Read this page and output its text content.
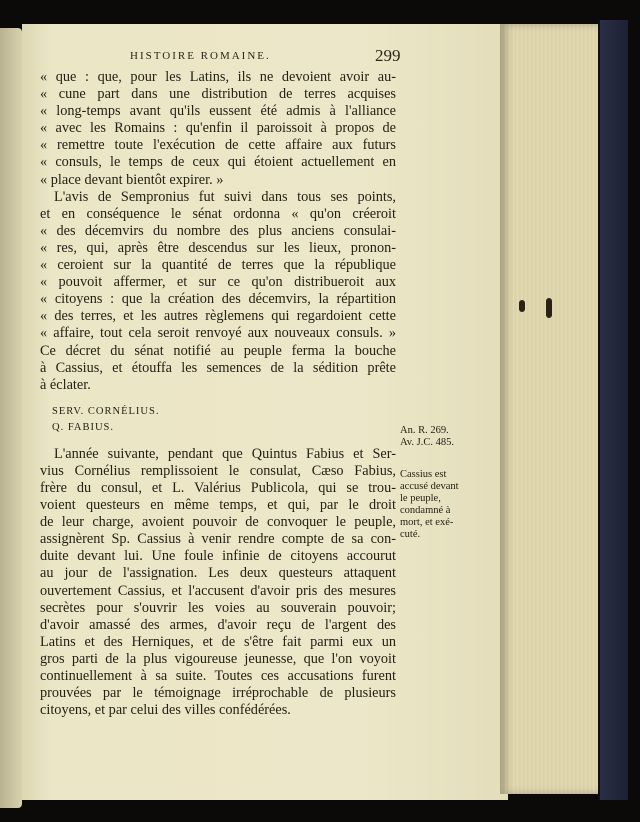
HISTOIRE ROMAINE.	299
« que : que, pour les Latins, ils ne devoient avoir au-
« cune part dans une distribution de terres acquises
« long-temps avant qu'ils eussent été admis à l'alliance
« avec les Romains : qu'enfin il paroissoit à propos de
« remettre toute l'exécution de cette affaire aux futurs
« consuls, le temps de ceux qui étoient actuellement en
« place devant bientôt expirer. »
L'avis de Sempronius fut suivi dans tous ses points,
et en conséquence le sénat ordonna « qu'on créeroit
« des décemvirs du nombre des plus anciens consulai-
« res, qui, après être descendus sur les lieux, pronon-
« ceroient sur la quantité de terres que la république
« pouvoit affermer, et sur ce qu'on distribueroit aux
« citoyens : que la création des décemvirs, la répartition
« des terres, et les autres règlemens qui regardoient cette
« affaire, tout cela seroit renvoyé aux nouveaux consuls. »
Ce décret du sénat notifié au peuple ferma la bouche
à Cassius, et étouffa les semences de la sédition prête
à éclater.
SERV. CORNÉLIUS.
Q. FABIUS.
L'année suivante, pendant que Quintus Fabius et Ser-
vius Cornélius remplissoient le consulat, Cæso Fabius,
frère du consul, et L. Valérius Publicola, qui se trou-
voient questeurs en même temps, et qui, par le droit
de leur charge, avoient pouvoir de convoquer le peuple,
assignèrent Sp. Cassius à venir rendre compte de sa con-
duite devant lui. Une foule infinie de citoyens accourut
au jour de l'assignation. Les deux questeurs attaquent
ouvertement Cassius, et l'accusent d'avoir pris des mesures
secrètes pour s'ouvrir les voies au souverain pouvoir;
d'avoir amassé des armes, d'avoir reçu de l'argent des
Latins et des Herniques, et de s'être fait parmi eux un
gros parti de la plus vigoureuse jeunesse, que l'on voyoit
continuellement à sa suite. Toutes ces accusations furent
prouvées par le témoignage irréprochable de plusieurs
citoyens, et par celui des villes confédérées.
An. R. 269.
Av. J.C. 485.
Cassius est
accusé devant
le peuple,
condamné à
mort, et exé-
cuté.
